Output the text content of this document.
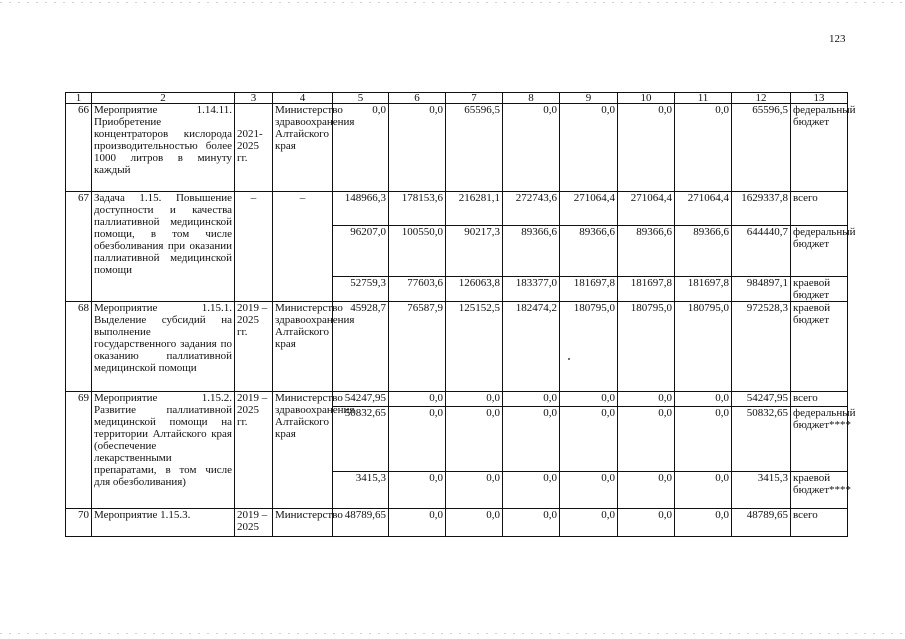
123
1	2	3	4	5	6	7	8	9	10	11	12	13
66	Мероприятие 1.14.11. Приобретение концентраторов кислорода производительностью более 1000 литров в минуту каждый	2021-2025 гг.	Министерство здравоохранения Алтайского края	0,0	0,0	65596,5	0,0	0,0	0,0	0,0	65596,5	федеральный бюджет
67	Задача 1.15. Повышение доступности и качества паллиативной медицинской помощи, в том числе обезболивания при оказании паллиативной медицинской помощи	–	–	148966,3	178153,6	216281,1	272743,6	271064,4	271064,4	271064,4	1629337,8	всего
				96207,0	100550,0	90217,3	89366,6	89366,6	89366,6	89366,6	644440,7	федеральный бюджет
				52759,3	77603,6	126063,8	183377,0	181697,8	181697,8	181697,8	984897,1	краевой бюджет
68	Мероприятие 1.15.1. Выделение субсидий на выполнение государственного задания по оказанию паллиативной медицинской помощи	2019 – 2025 гг.	Министерство здравоохранения Алтайского края	45928,7	76587,9	125152,5	182474,2	180795,0	180795,0	180795,0	972528,3	краевой бюджет
69	Мероприятие 1.15.2. Развитие паллиативной медицинской помощи на территории Алтайского края (обеспечение лекарственными препаратами, в том числе для обезболивания)	2019 – 2025 гг.	Министерство здравоохранения Алтайского края	54247,95	0,0	0,0	0,0	0,0	0,0	0,0	54247,95	всего
				50832,65	0,0	0,0	0,0	0,0	0,0	0,0	50832,65	федеральный бюджет****
				3415,3	0,0	0,0	0,0	0,0	0,0	0,0	3415,3	краевой бюджет****
70	Мероприятие 1.15.3.	2019 – 2025	Министерство	48789,65	0,0	0,0	0,0	0,0	0,0	0,0	48789,65	всего
